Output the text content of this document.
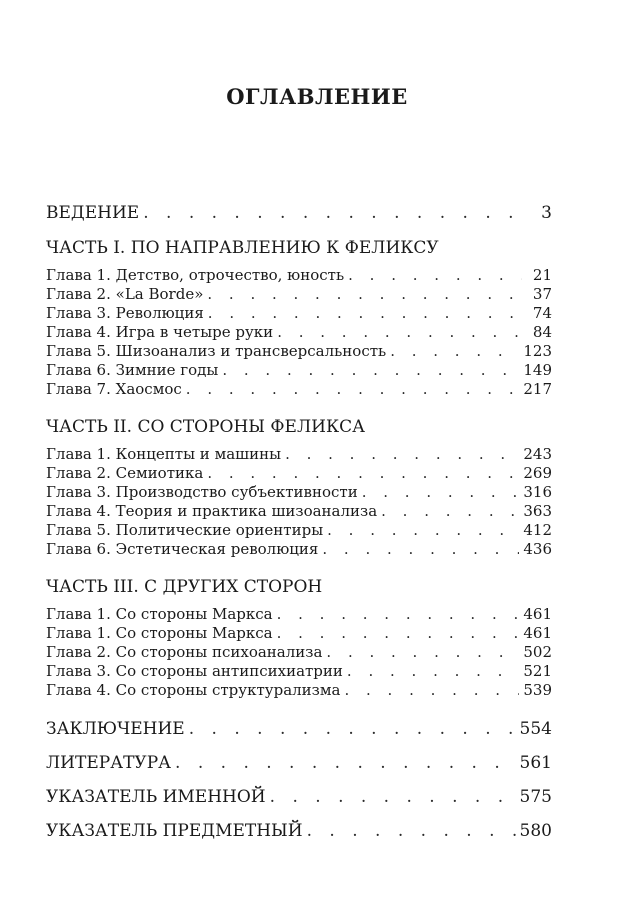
ОГЛАВЛЕНИЕ
ВЕДЕНИЕ . . .	3
ЧАСТЬ I. ПО НАПРАВЛЕНИЮ К ФЕЛИКСУ
Глава 1. Детство, отрочество, юность . . .	21
Глава 2. «La Borde» . . .	37
Глава 3. Революция . . .	74
Глава 4. Игра в четыре руки . . .	84
Глава 5. Шизоанализ и трансверсальность . . .	123
Глава 6. Зимние годы . . .	149
Глава 7. Хаосмос . . .	217
ЧАСТЬ II. СО СТОРОНЫ ФЕЛИКСА
Глава 1. Концепты и машины . . .	243
Глава 2. Семиотика . . .	269
Глава 3. Производство субъективности . . .	316
Глава 4. Теория и практика шизоанализа . . .	363
Глава 5. Политические ориентиры . . .	412
Глава 6. Эстетическая революция . . .	436
ЧАСТЬ III. С ДРУГИХ СТОРОН
Глава 1. Со стороны Маркса . . .	461
Глава 1. Со стороны Маркса . . .	461
Глава 2. Со стороны психоанализа . . .	502
Глава 3. Со стороны антипсихиатрии . . .	521
Глава 4. Со стороны структурализма . . .	539
ЗАКЛЮЧЕНИЕ . . .	554
ЛИТЕРАТУРА . . .	561
УКАЗАТЕЛЬ ИМЕННОЙ . . .	575
УКАЗАТЕЛЬ ПРЕДМЕТНЫЙ . . .	580
